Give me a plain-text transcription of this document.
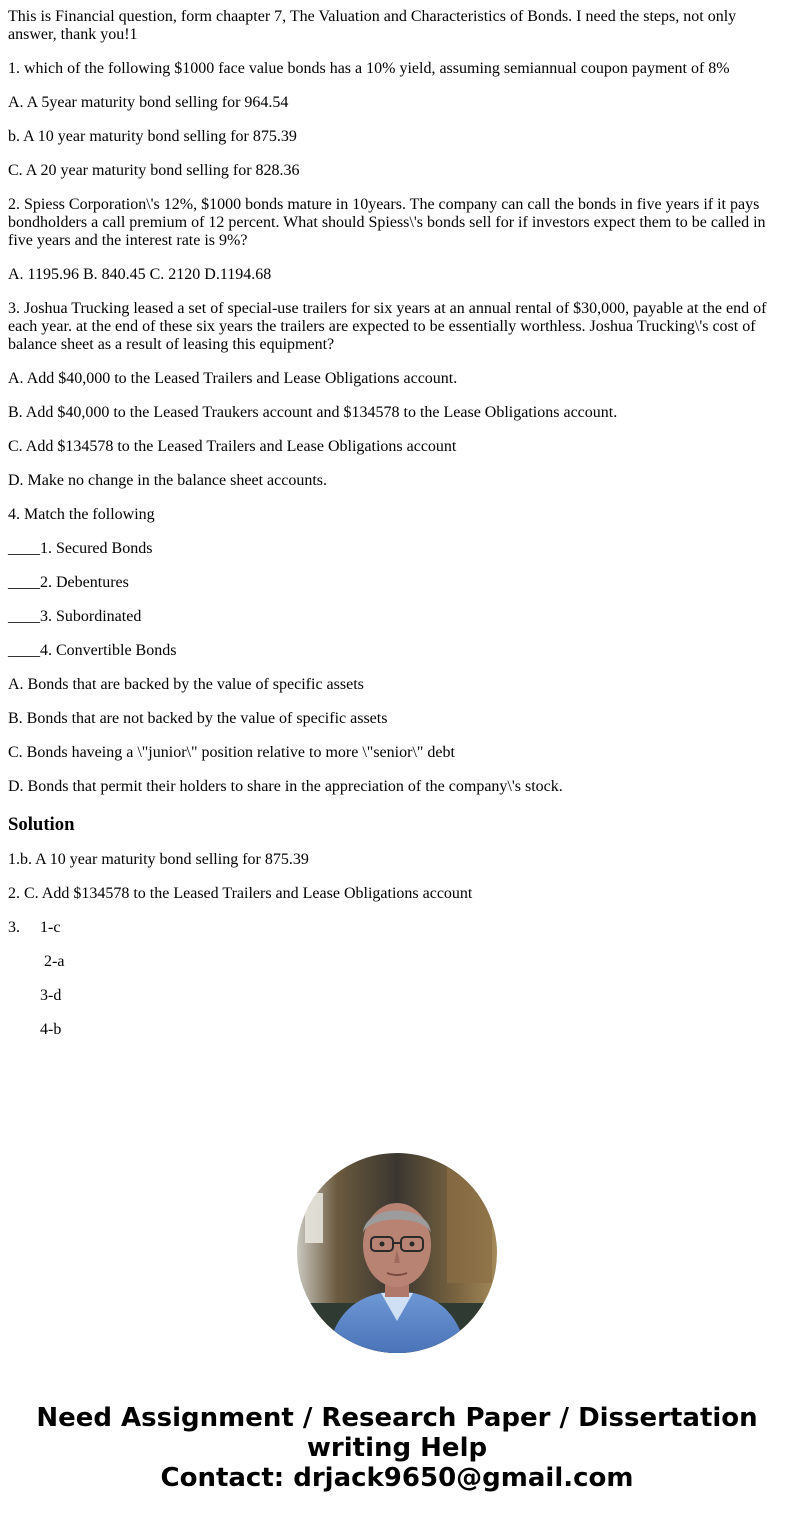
This is Financial question, form chaapter 7, The Valuation and Characteristics of Bonds. I need the steps, not only answer, thank you!1

1. which of the following $1000 face value bonds has a 10% yield, assuming semiannual coupon payment of 8%

A. A 5year maturity bond selling for 964.54

b. A 10 year maturity bond selling for 875.39

C. A 20 year maturity bond selling for 828.36

2. Spiess Corporation\'s 12%, $1000 bonds mature in 10years. The company can call the bonds in five years if it pays bondholders a call premium of 12 percent. What should Spiess\'s bonds sell for if investors expect them to be called in five years and the interest rate is 9%?

A. 1195.96 B. 840.45 C. 2120 D.1194.68

3. Joshua Trucking leased a set of special-use trailers for six years at an annual rental of $30,000, payable at the end of each year. at the end of these six years the trailers are expected to be essentially worthless. Joshua Trucking\'s cost of balance sheet as a result of leasing this equipment?

A. Add $40,000 to the Leased Trailers and Lease Obligations account.

B. Add $40,000 to the Leased Traukers account and $134578 to the Lease Obligations account.

C. Add $134578 to the Leased Trailers and Lease Obligations account

D. Make no change in the balance sheet accounts.

4. Match the following

____1. Secured Bonds

____2. Debentures

____3. Subordinated

____4. Convertible Bonds

A. Bonds that are backed by the value of specific assets

B. Bonds that are not backed by the value of specific assets

C. Bonds haveing a \"junior\" position relative to more \"senior\" debt

D. Bonds that permit their holders to share in the appreciation of the company\'s stock.

Solution

1.b. A 10 year maturity bond selling for 875.39

2. C. Add $134578 to the Leased Trailers and Lease Obligations account

3. 1-c

2-a

3-d

4-b

Need Assignment / Research Paper / Dissertation
writing Help
Contact: drjack9650@gmail.com
